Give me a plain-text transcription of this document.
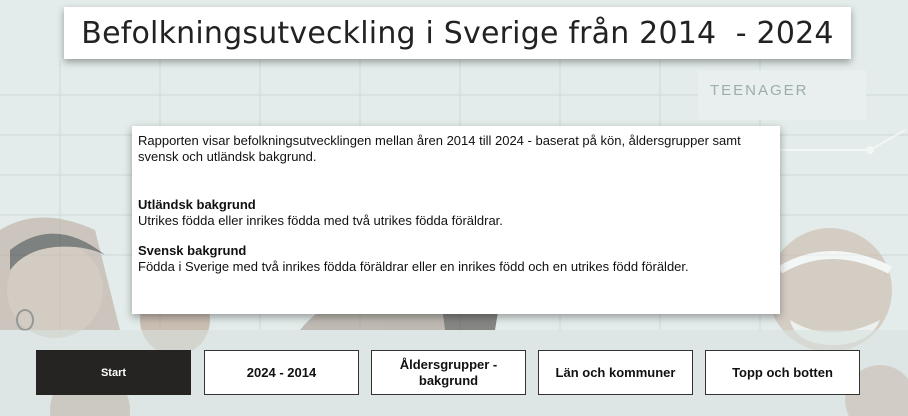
TEENAGER
Befolkningsutveckling i Sverige från 2014  - 2024

Rapporten visar befolkningsutvecklingen mellan åren 2014 till 2024 - baserat på kön, åldersgrupper samt svensk och utländsk bakgrund.

Utländsk bakgrund

Utrikes födda eller inrikes födda med två utrikes födda föräldrar.

Svensk bakgrund

Födda i Sverige med två inrikes födda föräldrar eller en inrikes född och en utrikes född förälder.

Start	2024 - 2014
Åldersgrupper - bakgrund
Län och kommuner	Topp och botten
